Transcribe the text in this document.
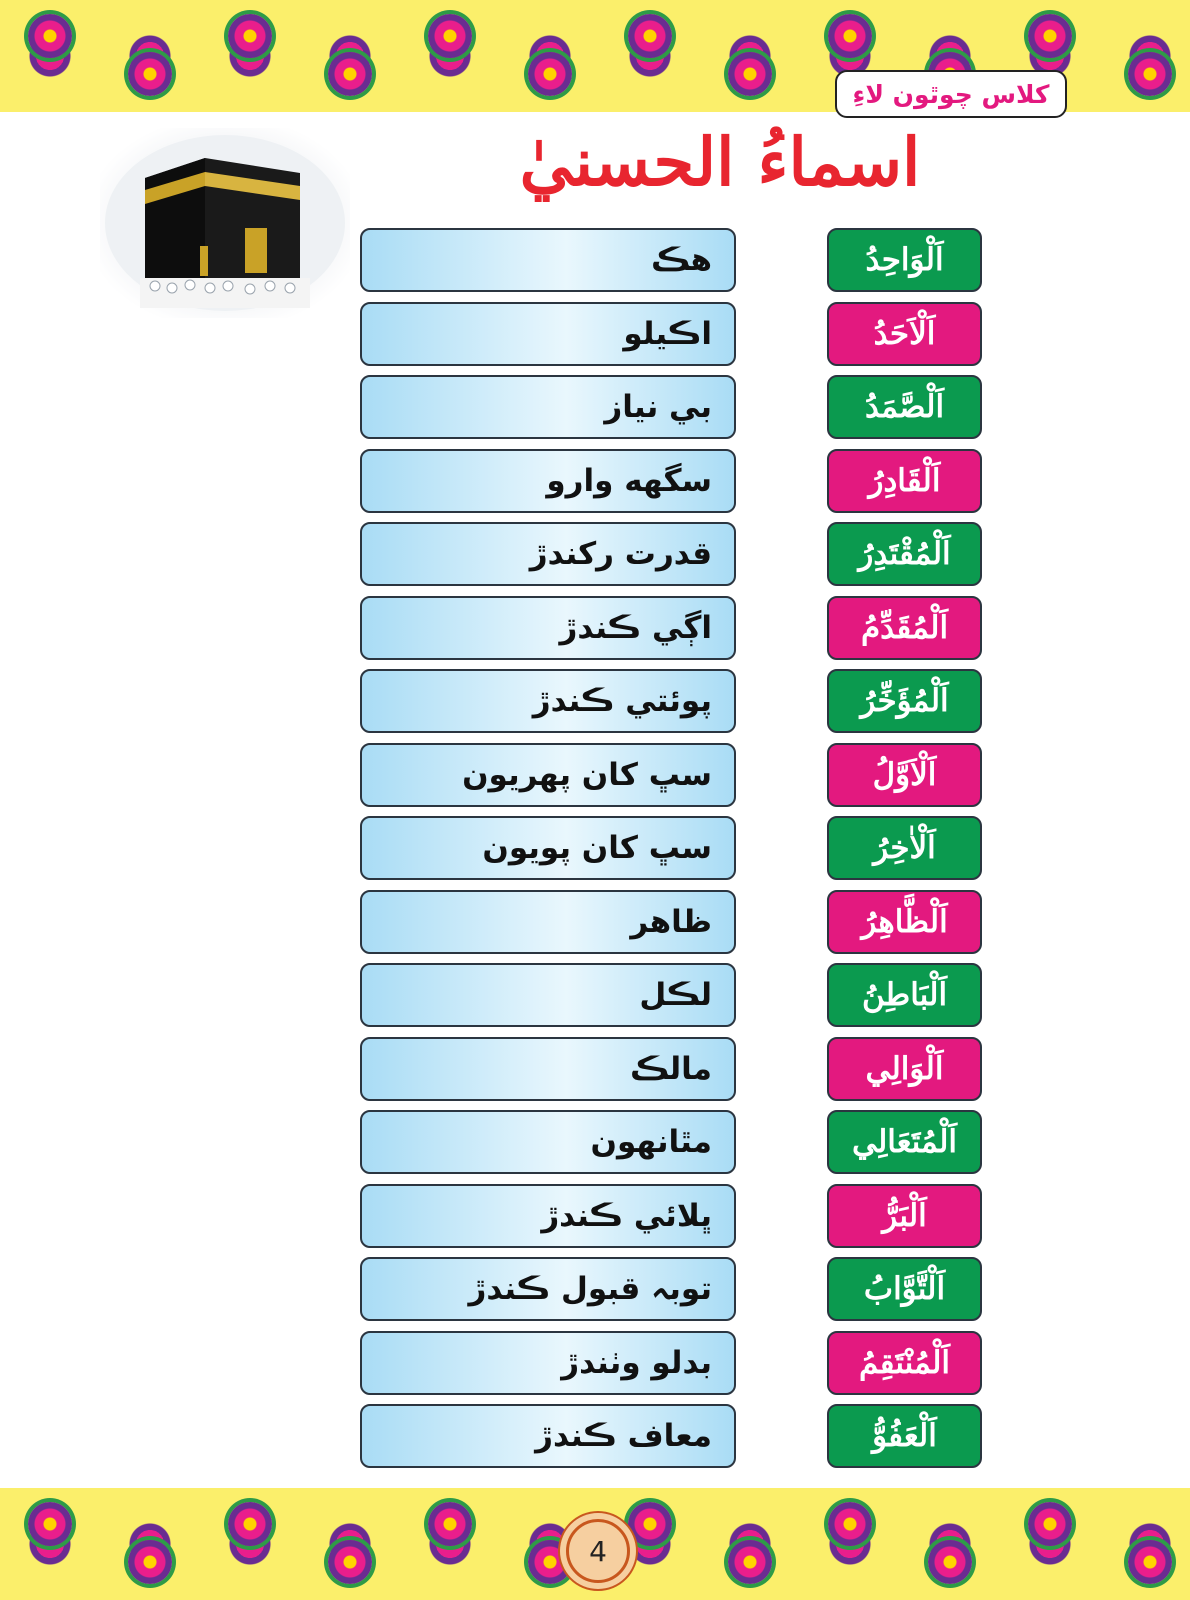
كلاس چوٿون لاءِ
اسماءُ الحسنيٰ
هڪ	اَلْوَاحِدُ
اڪيلو	اَلْاَحَدُ
بي نياز	اَلْصَّمَدُ
سگهه وارو	اَلْقَادِرُ
قدرت رکندڙ	اَلْمُقْتَدِرُ
اڳي ڪندڙ	اَلْمُقَدِّمُ
پوئتي ڪندڙ	اَلْمُؤَخِّرُ
سڀ کان پهريون	اَلْاَوَّلُ
سڀ کان پويون	اَلْاٰخِرُ
ظاهر	اَلْظَّاهِرُ
لڪل	اَلْبَاطِنُ
مالڪ	اَلْوَالِي
مٿانهون	اَلْمُتَعَالِي
ڀلائي ڪندڙ	اَلْبَرُّ
توبہ قبول ڪندڙ	اَلْتَّوَّابُ
بدلو وٺندڙ	اَلْمُنْتَقِمُ
معاف ڪندڙ	اَلْعَفُوُّ
4
